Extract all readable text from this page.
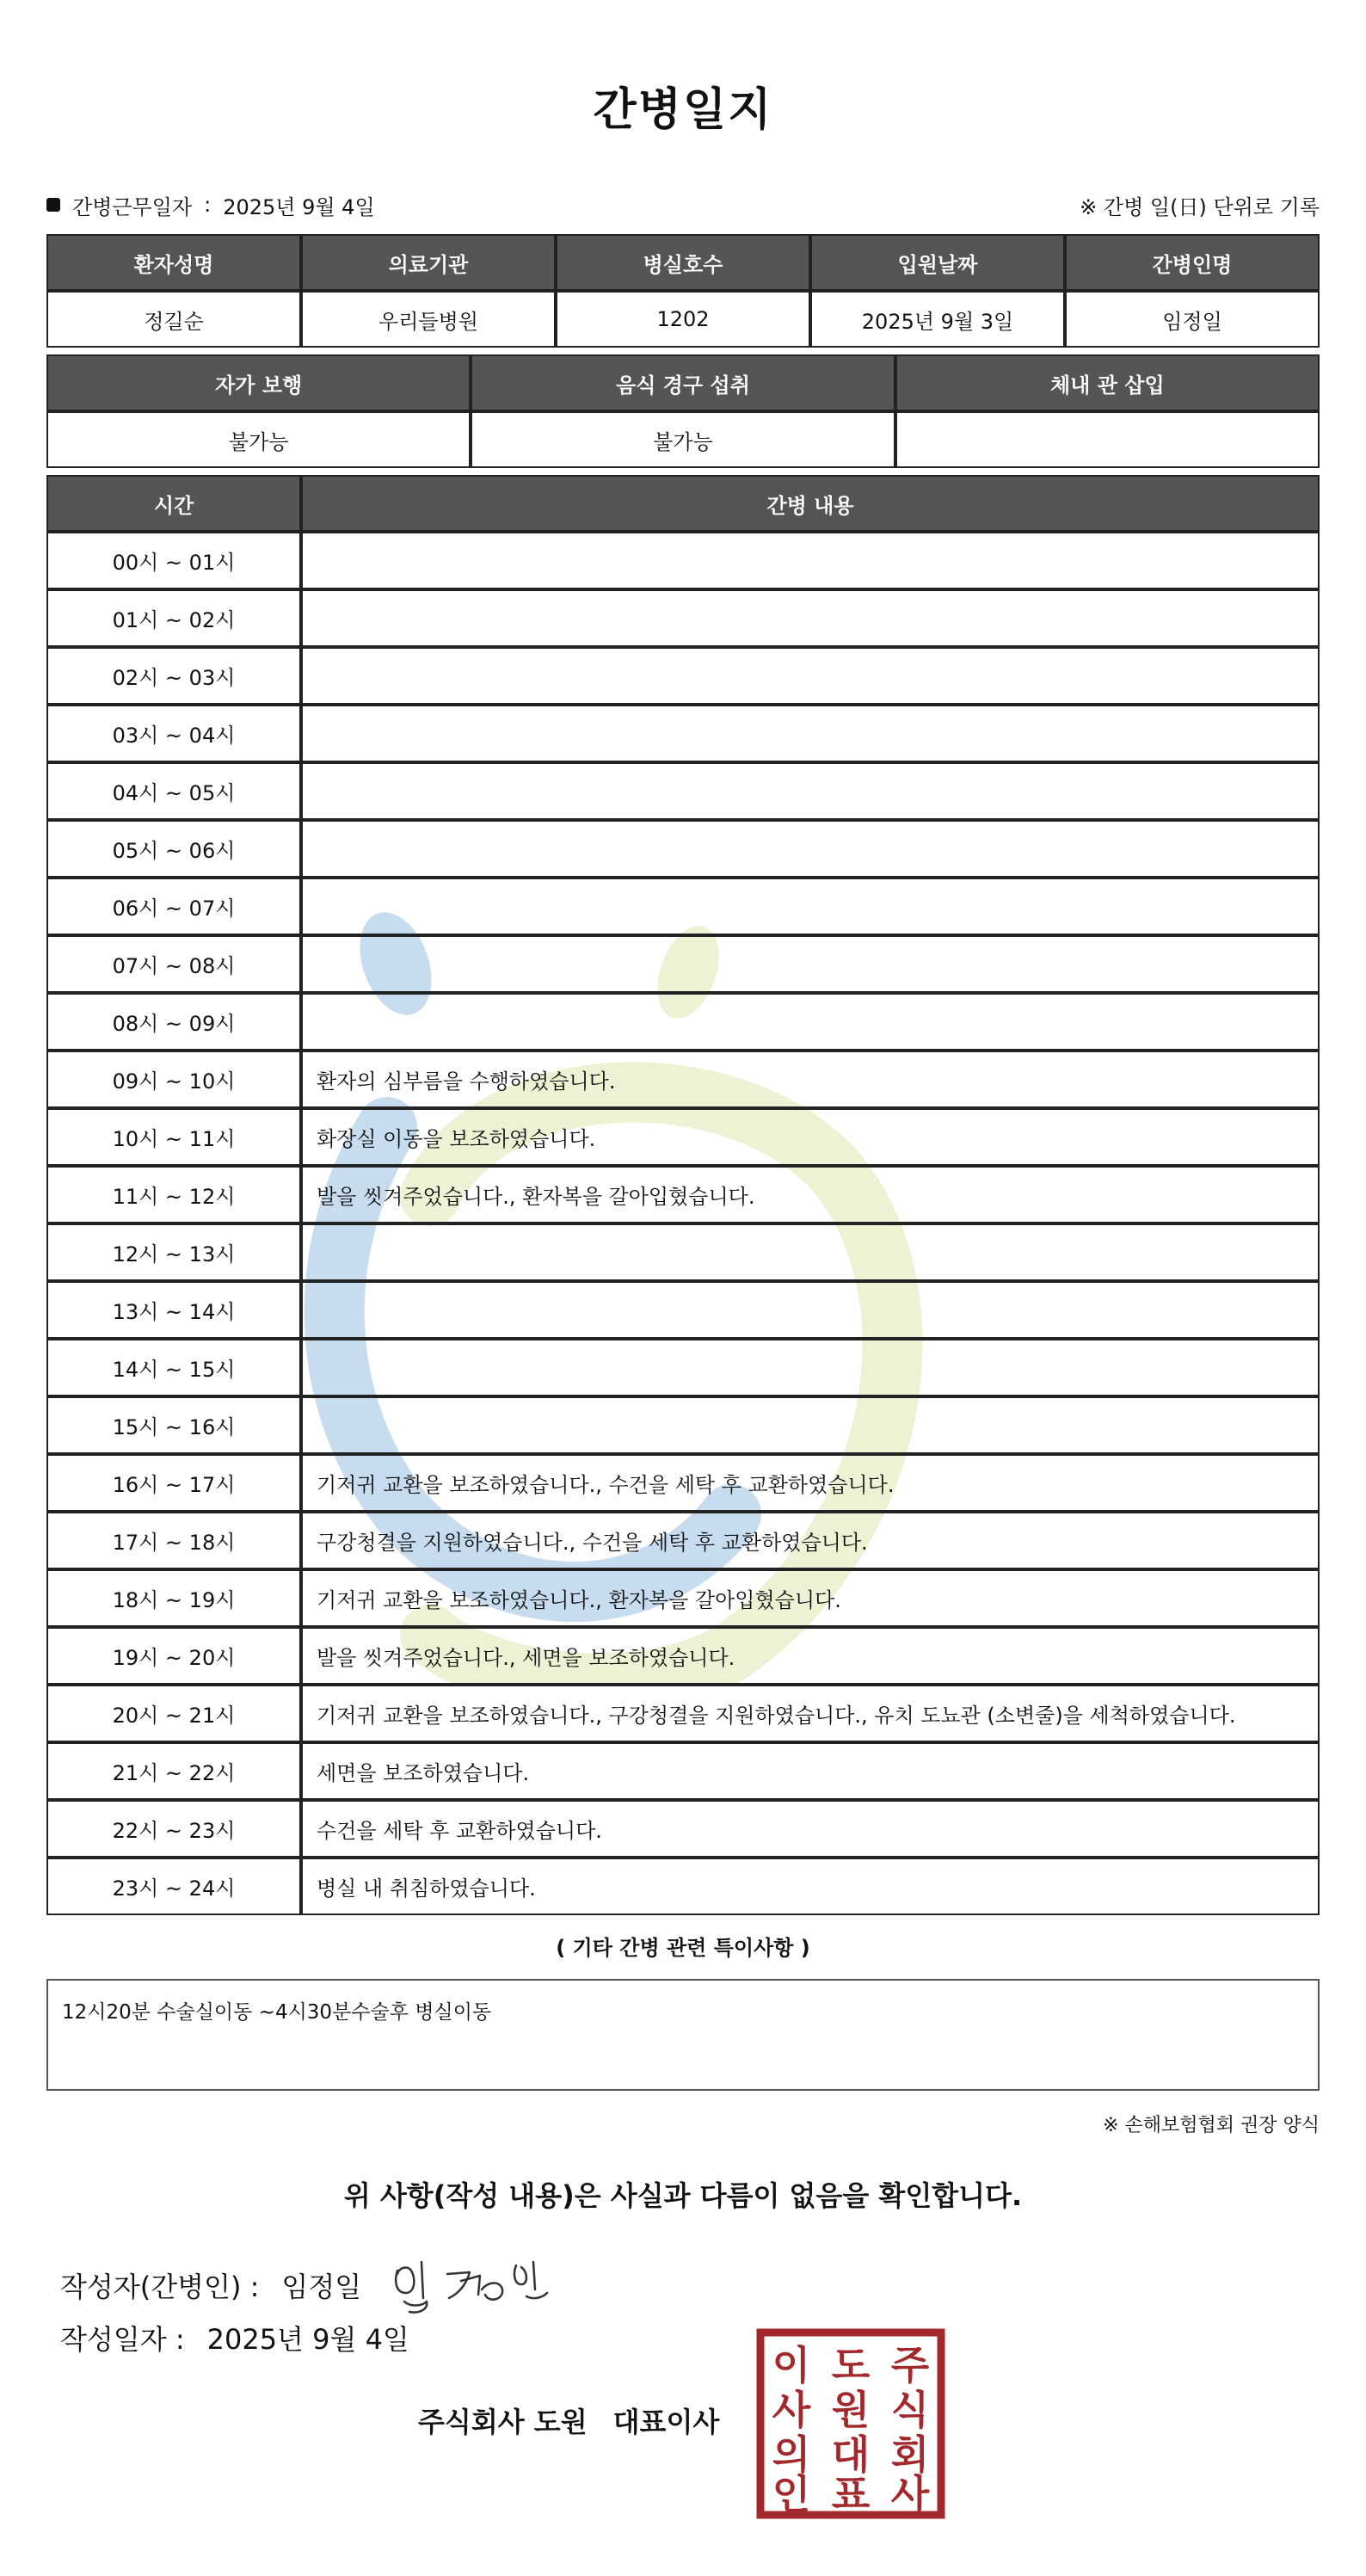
간병일지
간병근무일자 : 2025년 9월 4일	※ 간병 일(日) 단위로 기록
환자성명	의료기관	병실호수	입원날짜	간병인명
정길순	우리들병원	1202	2025년 9월 3일	임정일
자가 보행	음식 경구 섭취	체내 관 삽입
불가능	불가능	
시간	간병 내용
00시 ~ 01시	
01시 ~ 02시	
02시 ~ 03시	
03시 ~ 04시	
04시 ~ 05시	
05시 ~ 06시	
06시 ~ 07시	
07시 ~ 08시	
08시 ~ 09시	
09시 ~ 10시	환자의 심부름을 수행하였습니다.
10시 ~ 11시	화장실 이동을 보조하였습니다.
11시 ~ 12시	발을 씻겨주었습니다., 환자복을 갈아입혔습니다.
12시 ~ 13시	
13시 ~ 14시	
14시 ~ 15시	
15시 ~ 16시	
16시 ~ 17시	기저귀 교환을 보조하였습니다., 수건을 세탁 후 교환하였습니다.
17시 ~ 18시	구강청결을 지원하였습니다., 수건을 세탁 후 교환하였습니다.
18시 ~ 19시	기저귀 교환을 보조하였습니다., 환자복을 갈아입혔습니다.
19시 ~ 20시	발을 씻겨주었습니다., 세면을 보조하였습니다.
20시 ~ 21시	기저귀 교환을 보조하였습니다., 구강청결을 지원하였습니다., 유치 도뇨관 (소변줄)을 세척하였습니다.
21시 ~ 22시	세면을 보조하였습니다.
22시 ~ 23시	수건을 세탁 후 교환하였습니다.
23시 ~ 24시	병실 내 취침하였습니다.
( 기타 간병 관련 특이사항 )
12시20분 수술실이동 ~4시30분수술후 병실이동
※ 손해보험협회 권장 양식
위 사항(작성 내용)은 사실과 다름이 없음을 확인합니다.
작성자(간병인) : 임정일
작성일자 : 2025년 9월 4일
주식회사 도원 대표이사
주
식
회
사
도
원
대
표
이
사
의
인
